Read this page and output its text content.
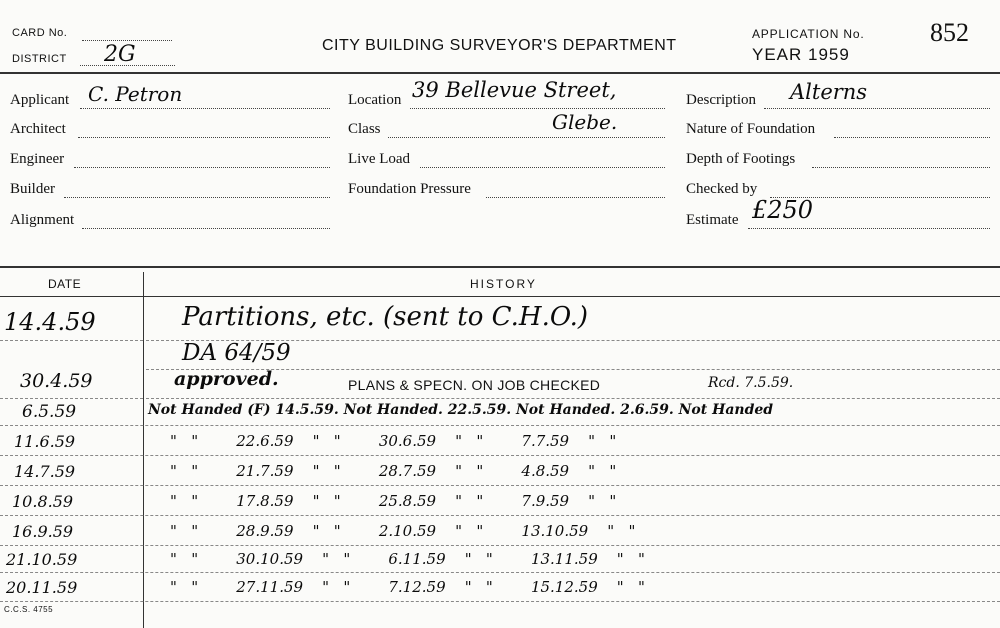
CARD No.
DISTRICT 2G	CITY BUILDING SURVEYOR'S DEPARTMENT
APPLICATION No.
YEAR 1959
852
Applicant C. Petron
Architect
Engineer
Builder
Alignment
Location 39 Bellevue Street,
Class	Glebe.
Live Load
Foundation Pressure
Description Alterns
Nature of Foundation
Depth of Footings
Checked by
Estimate £250
DATE	HISTORY
14.4.59	Partitions, etc. (sent to C.H.O.)
DA 64/59
30.4.59	approved.	PLANS & SPECN. ON JOB CHECKED	Rcd. 7.5.59.
6.5.59	Not Handed (F) 14.5.59. Not Handed. 22.5.59. Not Handed. 2.6.59. Not Handed
11.6.59	"   "        22.6.59    "   "        30.6.59    "   "        7.7.59    "   "
14.7.59	"   "        21.7.59    "   "        28.7.59    "   "        4.8.59    "   "
10.8.59	"   "        17.8.59    "   "        25.8.59    "   "        7.9.59    "   "
16.9.59	"   "        28.9.59    "   "        2.10.59    "   "        13.10.59    "   "
21.10.59	"   "        30.10.59    "   "        6.11.59    "   "        13.11.59    "   "
20.11.59	"   "        27.11.59    "   "        7.12.59    "   "        15.12.59    "   "
C.C.S. 4755
